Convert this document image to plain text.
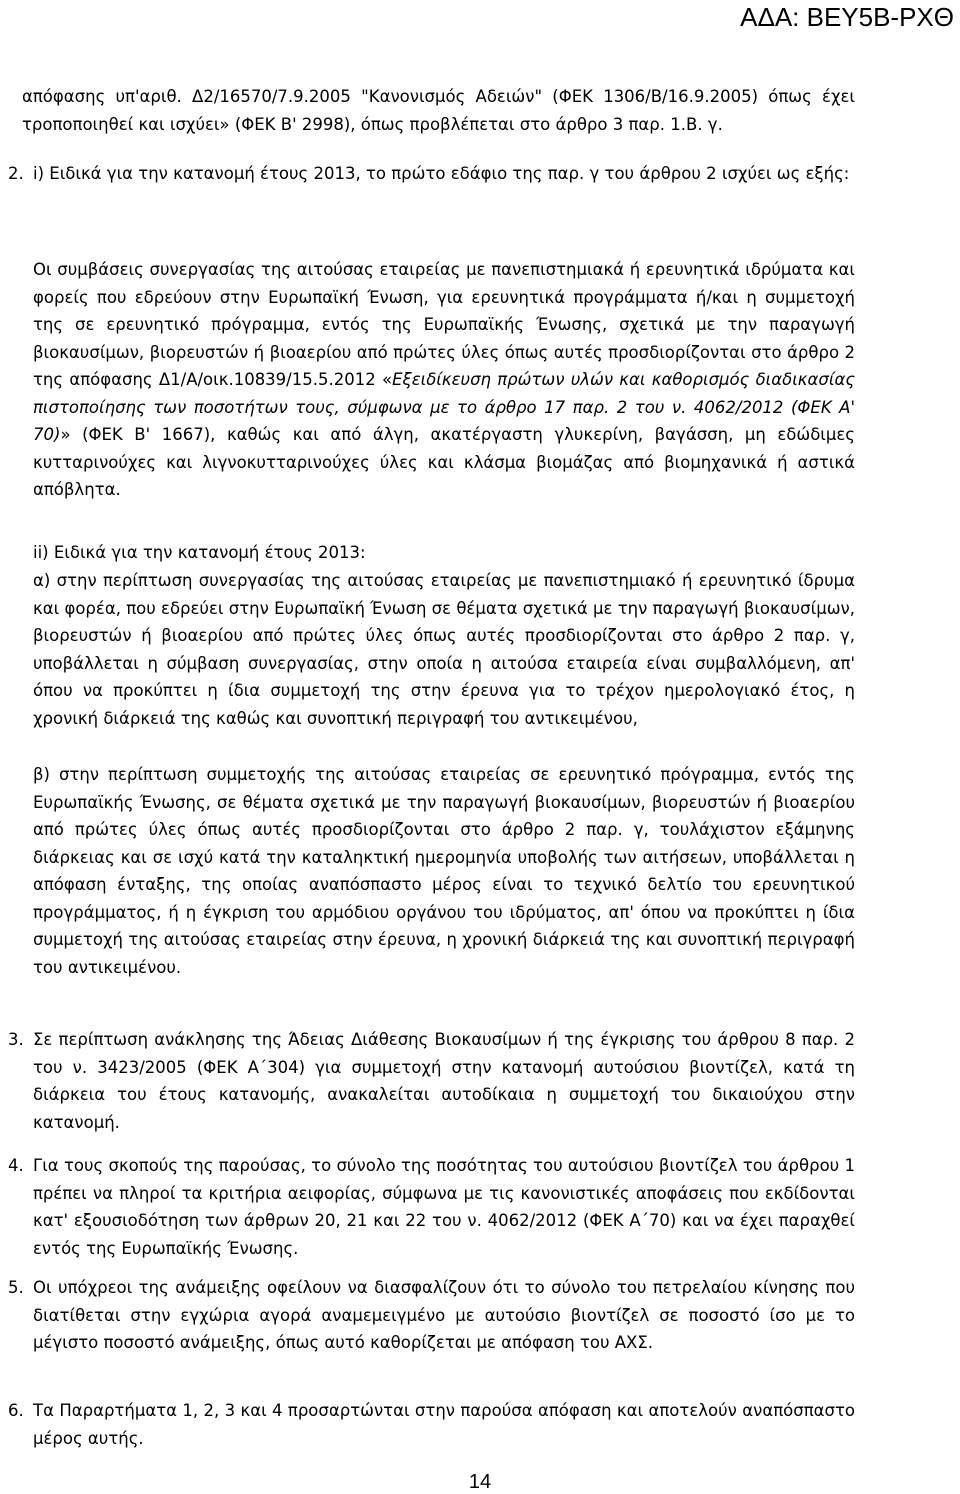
ΑΔΑ: ΒΕΥ5Β-ΡΧΘ

απόφασης υπ'αριθ. Δ2/16570/7.9.2005 "Κανονισμός Αδειών" (ΦΕΚ 1306/Β/16.9.2005) όπως έχει τροποποιηθεί και ισχύει» (ΦΕΚ Β' 2998), όπως προβλέπεται στο άρθρο 3 παρ. 1.Β. γ.

2. i) Ειδικά για την κατανομή έτους 2013, το πρώτο εδάφιο της παρ. γ του άρθρου 2 ισχύει ως εξής:

Οι συμβάσεις συνεργασίας της αιτούσας εταιρείας με πανεπιστημιακά ή ερευνητικά ιδρύματα και φορείς που εδρεύουν στην Ευρωπαϊκή Ένωση, για ερευνητικά προγράμματα ή/και η συμμετοχή της σε ερευνητικό πρόγραμμα, εντός της Ευρωπαϊκής Ένωσης, σχετικά με την παραγωγή βιοκαυσίμων, βιορευστών ή βιοαερίου από πρώτες ύλες όπως αυτές προσδιορίζονται στο άρθρο 2 της απόφασης Δ1/Α/οικ.10839/15.5.2012 «Εξειδίκευση πρώτων υλών και καθορισμός διαδικασίας πιστοποίησης των ποσοτήτων τους, σύμφωνα με το άρθρο 17 παρ. 2 του ν. 4062/2012 (ΦΕΚ Α' 70)» (ΦΕΚ Β' 1667), καθώς και από άλγη, ακατέργαστη γλυκερίνη, βαγάσση, μη εδώδιμες κυτταρινούχες και λιγνοκυτταρινούχες ύλες και κλάσμα βιομάζας από βιομηχανικά ή αστικά απόβλητα.

ii) Ειδικά για την κατανομή έτους 2013:

α) στην περίπτωση συνεργασίας της αιτούσας εταιρείας με πανεπιστημιακό ή ερευνητικό ίδρυμα και φορέα, που εδρεύει στην Ευρωπαϊκή Ένωση σε θέματα σχετικά με την παραγωγή βιοκαυσίμων, βιορευστών ή βιοαερίου από πρώτες ύλες όπως αυτές προσδιορίζονται στο άρθρο 2 παρ. γ, υποβάλλεται η σύμβαση συνεργασίας, στην οποία η αιτούσα εταιρεία είναι συμβαλλόμενη, απ' όπου να προκύπτει η ίδια συμμετοχή της στην έρευνα για το τρέχον ημερολογιακό έτος, η χρονική διάρκειά της καθώς και συνοπτική περιγραφή του αντικειμένου,

β) στην περίπτωση συμμετοχής της αιτούσας εταιρείας σε ερευνητικό πρόγραμμα, εντός της Ευρωπαϊκής Ένωσης, σε θέματα σχετικά με την παραγωγή βιοκαυσίμων, βιορευστών ή βιοαερίου από πρώτες ύλες όπως αυτές προσδιορίζονται στο άρθρο 2 παρ. γ, τουλάχιστον εξάμηνης διάρκειας και σε ισχύ κατά την καταληκτική ημερομηνία υποβολής των αιτήσεων, υποβάλλεται η απόφαση ένταξης, της οποίας αναπόσπαστο μέρος είναι το τεχνικό δελτίο του ερευνητικού προγράμματος, ή η έγκριση του αρμόδιου οργάνου του ιδρύματος, απ' όπου να προκύπτει η ίδια συμμετοχή της αιτούσας εταιρείας στην έρευνα, η χρονική διάρκειά της και συνοπτική περιγραφή του αντικειμένου.

3. Σε περίπτωση ανάκλησης της Άδειας Διάθεσης Βιοκαυσίμων ή της έγκρισης του άρθρου 8 παρ. 2 του ν. 3423/2005 (ΦΕΚ Α΄304) για συμμετοχή στην κατανομή αυτούσιου βιοντίζελ, κατά τη διάρκεια του έτους κατανομής, ανακαλείται αυτοδίκαια η συμμετοχή του δικαιούχου στην κατανομή.

4. Για τους σκοπούς της παρούσας, το σύνολο της ποσότητας του αυτούσιου βιοντίζελ του άρθρου 1 πρέπει να πληροί τα κριτήρια αειφορίας, σύμφωνα με τις κανονιστικές αποφάσεις που εκδίδονται κατ' εξουσιοδότηση των άρθρων 20, 21 και 22 του ν. 4062/2012 (ΦΕΚ Α΄70) και να έχει παραχθεί εντός της Ευρωπαϊκής Ένωσης.

5. Οι υπόχρεοι της ανάμειξης οφείλουν να διασφαλίζουν ότι το σύνολο του πετρελαίου κίνησης που διατίθεται στην εγχώρια αγορά αναμεμειγμένο με αυτούσιο βιοντίζελ σε ποσοστό ίσο με το μέγιστο ποσοστό ανάμειξης, όπως αυτό καθορίζεται με απόφαση του ΑΧΣ.

6. Τα Παραρτήματα 1, 2, 3 και 4 προσαρτώνται στην παρούσα απόφαση και αποτελούν αναπόσπαστο μέρος αυτής.

14
